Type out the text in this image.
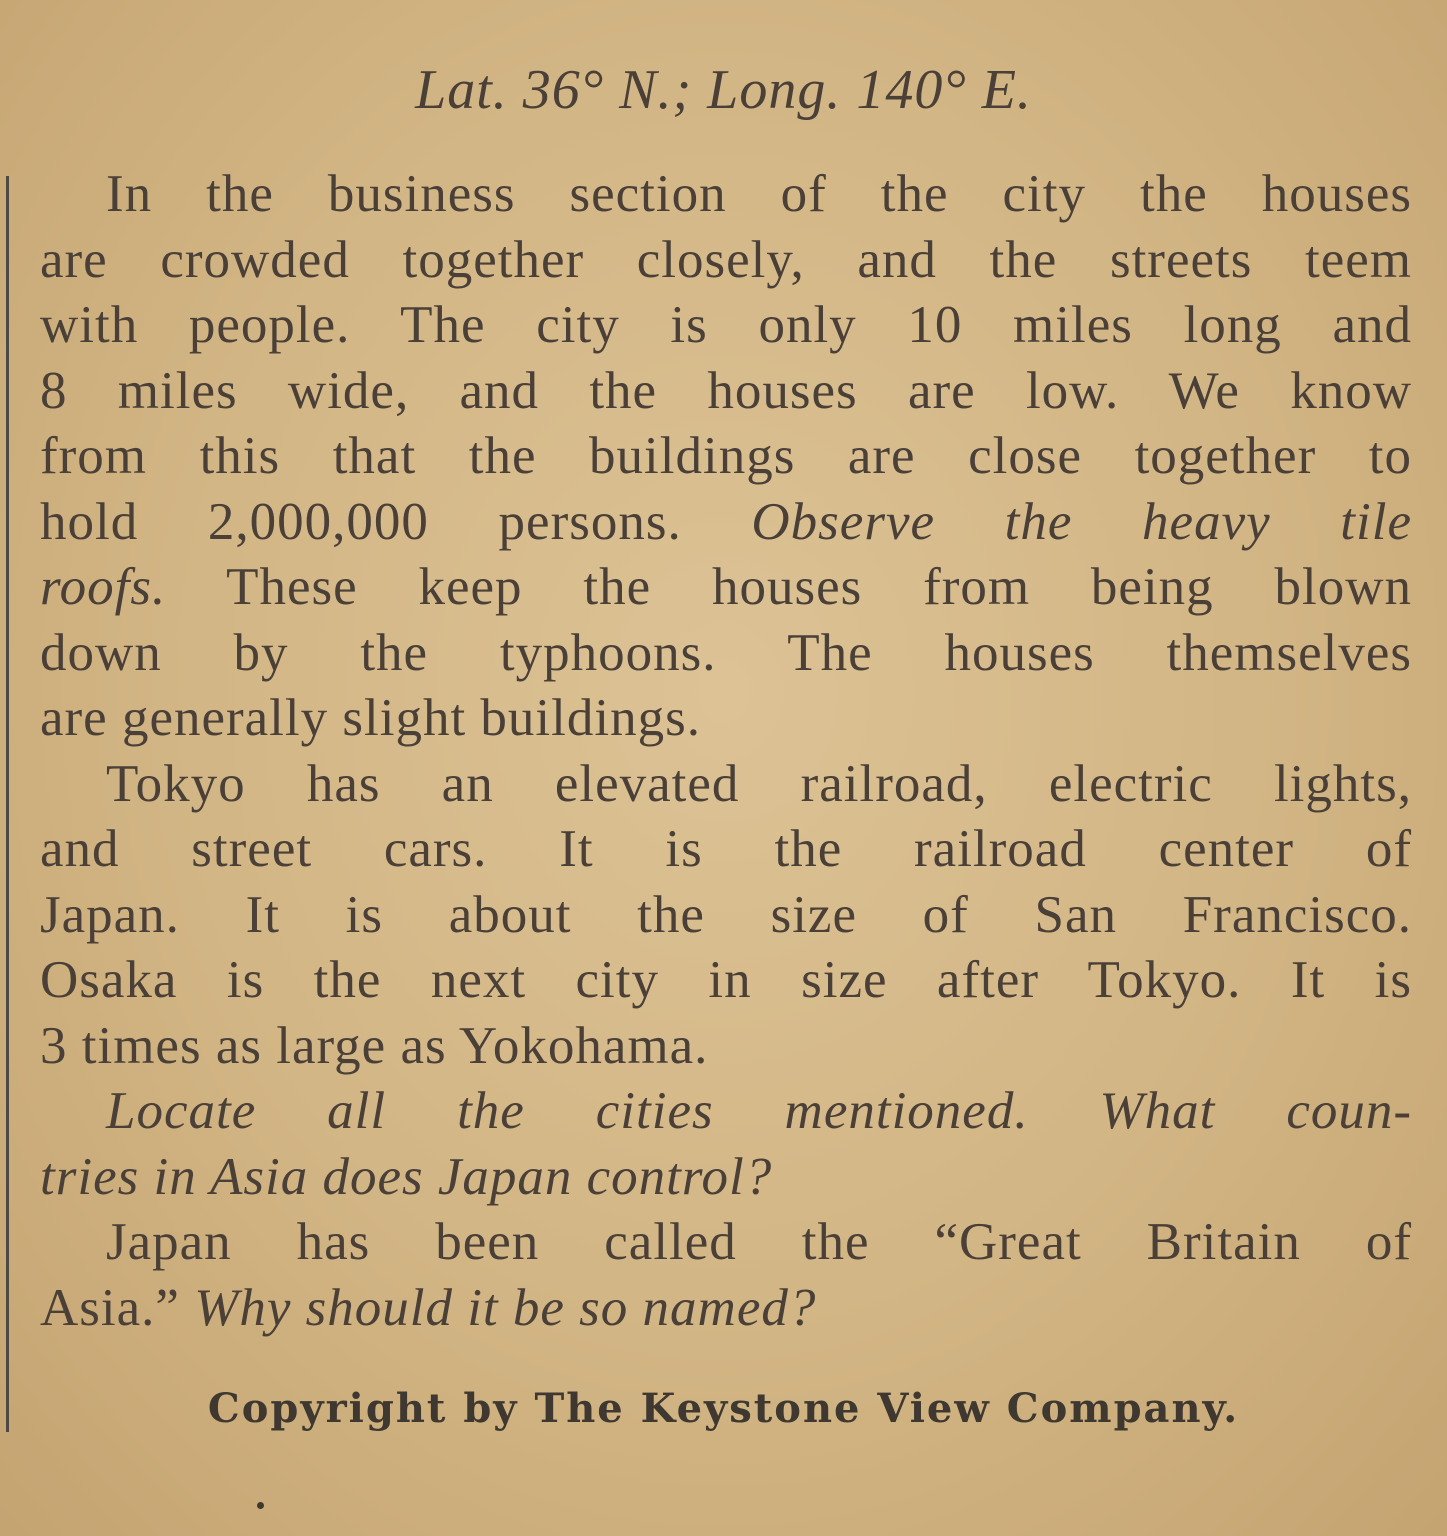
Lat. 36° N.; Long. 140° E.

In the business section of the city the houses
are crowded together closely, and the streets teem
with people. The city is only 10 miles long and
8 miles wide, and the houses are low. We know
from this that the buildings are close together to
hold 2,000,000 persons. Observe the heavy tile
roofs. These keep the houses from being blown
down by the typhoons. The houses themselves
are generally slight buildings.

Tokyo has an elevated railroad, electric lights,
and street cars. It is the railroad center of
Japan. It is about the size of San Francisco.
Osaka is the next city in size after Tokyo. It is
3 times as large as Yokohama.

Locate all the cities mentioned. What coun-
tries in Asia does Japan control?

Japan has been called the “Great Britain of
Asia.” Why should it be so named?

Copyright by The Keystone View Company.
